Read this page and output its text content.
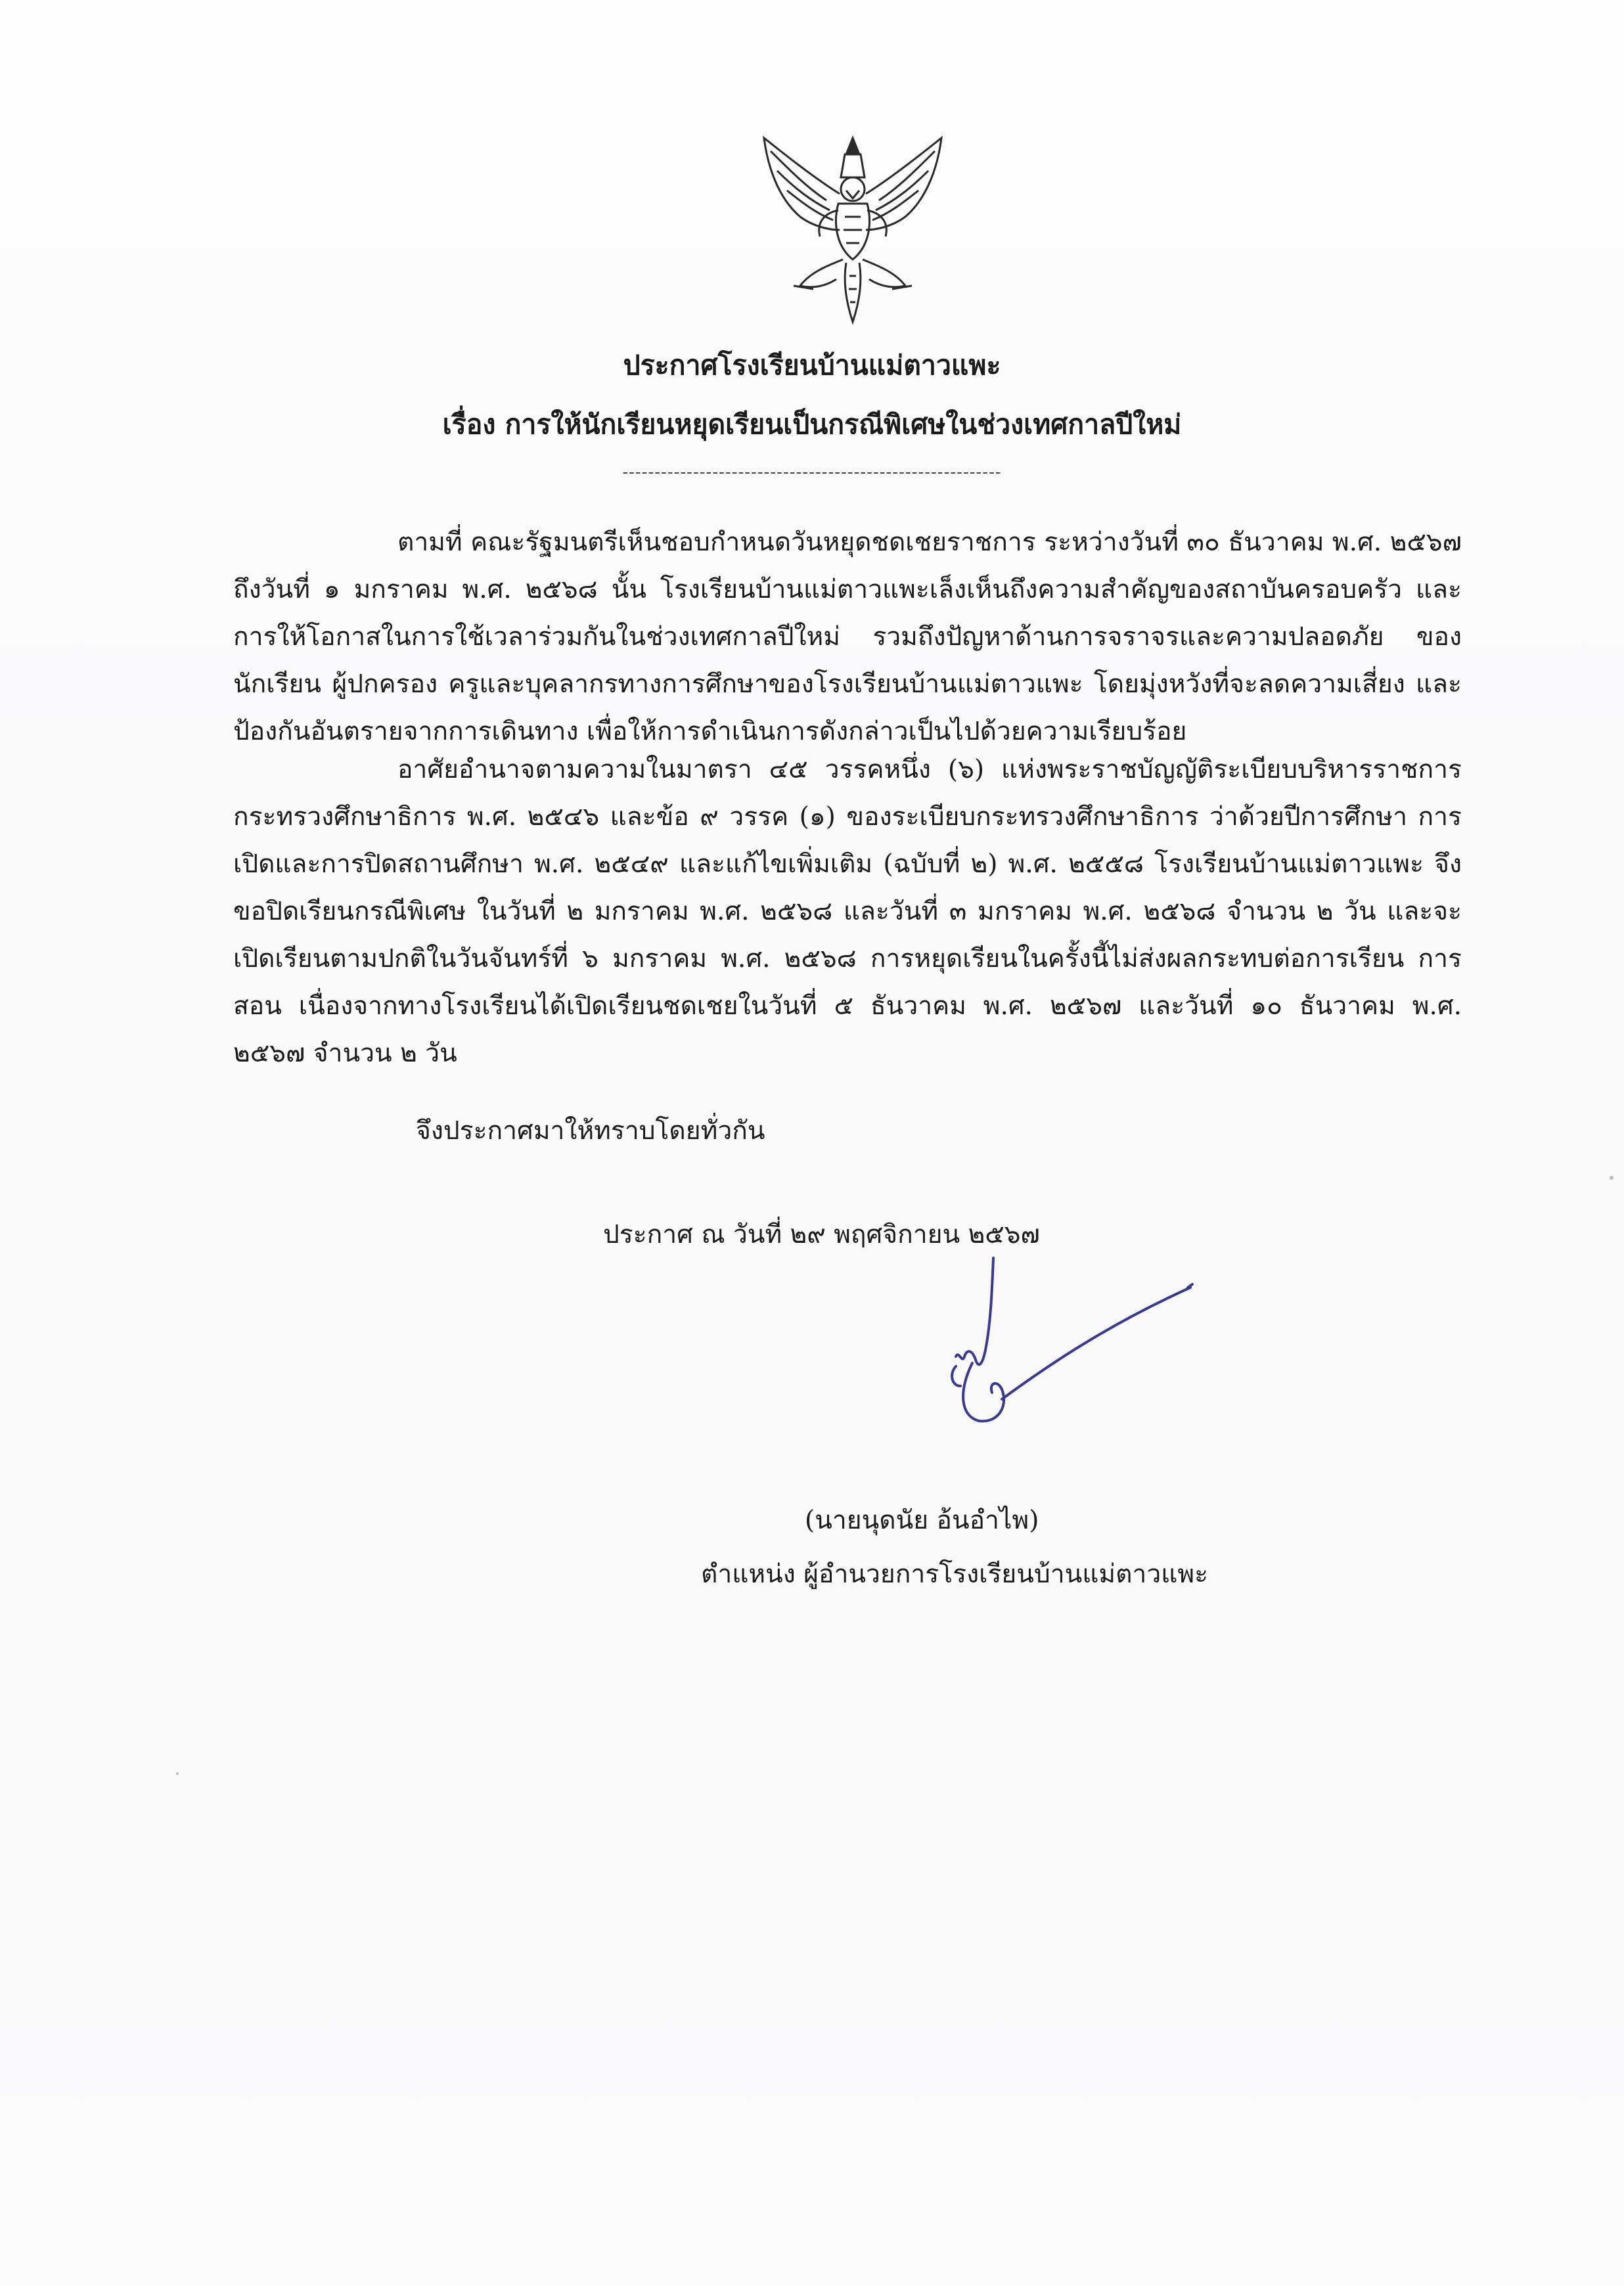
ประกาศโรงเรียนบ้านแม่ตาวแพะ
เรื่อง การให้นักเรียนหยุดเรียนเป็นกรณีพิเศษในช่วงเทศกาลปีใหม่
-----------------------------------------------------------

ตามที่ คณะรัฐมนตรีเห็นชอบกำหนดวันหยุดชดเชยราชการ ระหว่างวันที่ ๓๐ ธันวาคม พ.ศ. ๒๕๖๗ ถึงวันที่ ๑ มกราคม พ.ศ. ๒๕๖๘ นั้น โรงเรียนบ้านแม่ตาวแพะเล็งเห็นถึงความสำคัญของสถาบันครอบครัว และการให้โอกาสในการใช้เวลาร่วมกันในช่วงเทศกาลปีใหม่ รวมถึงปัญหาด้านการจราจรและความปลอดภัย ของนักเรียน ผู้ปกครอง ครูและบุคลากรทางการศึกษาของโรงเรียนบ้านแม่ตาวแพะ โดยมุ่งหวังที่จะลดความเสี่ยง และป้องกันอันตรายจากการเดินทาง เพื่อให้การดำเนินการดังกล่าวเป็นไปด้วยความเรียบร้อย

อาศัยอำนาจตามความในมาตรา ๔๕ วรรคหนึ่ง (๖) แห่งพระราชบัญญัติระเบียบบริหารราชการ กระทรวงศึกษาธิการ พ.ศ. ๒๕๔๖ และข้อ ๙ วรรค (๑) ของระเบียบกระทรวงศึกษาธิการ ว่าด้วยปีการศึกษา การเปิดและการปิดสถานศึกษา พ.ศ. ๒๕๔๙ และแก้ไขเพิ่มเติม (ฉบับที่ ๒) พ.ศ. ๒๕๕๘ โรงเรียนบ้านแม่ตาวแพะ จึงขอปิดเรียนกรณีพิเศษ ในวันที่ ๒ มกราคม พ.ศ. ๒๕๖๘ และวันที่ ๓ มกราคม พ.ศ. ๒๕๖๘ จำนวน ๒ วัน และจะเปิดเรียนตามปกติในวันจันทร์ที่ ๖ มกราคม พ.ศ. ๒๕๖๘ การหยุดเรียนในครั้งนี้ไม่ส่งผลกระทบต่อการเรียน การสอน เนื่องจากทางโรงเรียนได้เปิดเรียนชดเชยในวันที่ ๕ ธันวาคม พ.ศ. ๒๕๖๗ และวันที่ ๑๐ ธันวาคม พ.ศ. ๒๕๖๗ จำนวน ๒ วัน

จึงประกาศมาให้ทราบโดยทั่วกัน
ประกาศ ณ วันที่ ๒๙ พฤศจิกายน ๒๕๖๗
(นายนุดนัย อ้นอำไพ)
ตำแหน่ง ผู้อำนวยการโรงเรียนบ้านแม่ตาวแพะ
